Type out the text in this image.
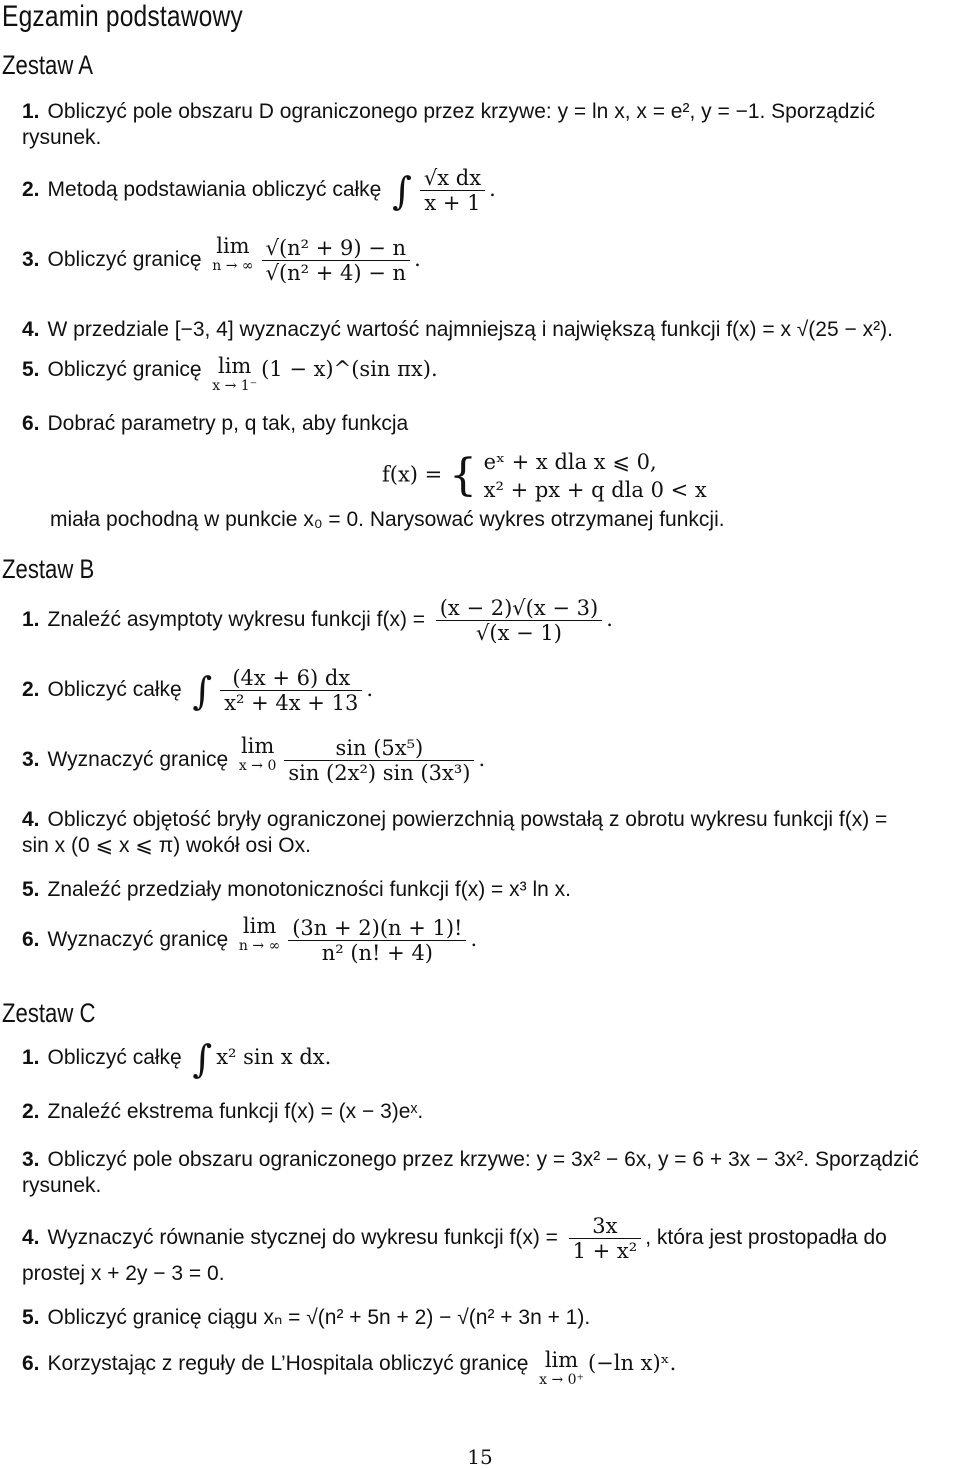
Egzamin podstawowy
Zestaw A
1. Obliczyć pole obszaru D ograniczonego przez krzywe: y = ln x, x = e², y = −1. Sporządzić
rysunek.
2. Metodą podstawiania obliczyć całkę ∫ $\frac{\text{√x dx}}{x + 1}$ .
3. Obliczyć granicę lim
n → ∞ $\frac{\text{√(n² + 9) − n}}{\text{√(n² + 4) − n}}$ .
4. W przedziale [−3, 4] wyznaczyć wartość najmniejszą i największą funkcji f(x) = x √(25 − x²).
5. Obliczyć granicę lim
x → 1⁻
(1 − x)^(sin πx).
6. Dobrać parametry p, q tak, aby funkcja
f(x) = { eˣ + x dla x ⩽ 0,
x² + px + q dla 0 < x
miała pochodną w punkcie x₀ = 0. Narysować wykres otrzymanej funkcji.
Zestaw B
1. Znaleźć asymptoty wykresu funkcji $f(x) = \frac{(x - 2)√(x - 3)}{√(x - 1)}$ .
2. Obliczyć całkę ∫ $\frac{(4x + 6) dx}{\text{x² + 4x + 13}}$ .
3. Wyznaczyć granicę lim
$x \to 0 \frac{\text{sin (5x⁵)}}{\text{sin (2x²) sin (3x³)}}$ .
4. Obliczyć objętość bryły ograniczonej powierzchnią powstałą z obrotu wykresu funkcji f(x) =
sin x (0 ⩽ x ⩽ π) wokół osi Ox.
5. Znaleźć przedziały monotoniczności funkcji f(x) = x³ ln x.
6. Wyznaczyć granicę lim
n → ∞ $\frac{(3n + 2)(n + 1)!}{\text{n² (n! + 4)}}$ .
Zestaw C
1. Obliczyć całkę ∫ x² sin x dx.
2. Znaleźć ekstrema funkcji f(x) = (x − 3)eˣ.
3. Obliczyć pole obszaru ograniczonego przez krzywe: y = 3x² − 6x, y = 6 + 3x − 3x². Sporządzić
rysunek.
4. Wyznaczyć równanie stycznej do wykresu funkcji $f(x) = \frac{3x}{\text{1 + x²}}$ , która jest prostopadła do
prostej x + 2y − 3 = 0.
5. Obliczyć granicę ciągu xₙ = √(n² + 5n + 2) − √(n² + 3n + 1).
6. Korzystając z reguły de L’Hospitala obliczyć granicę lim
x → 0⁺
(−ln x)ˣ.
15
